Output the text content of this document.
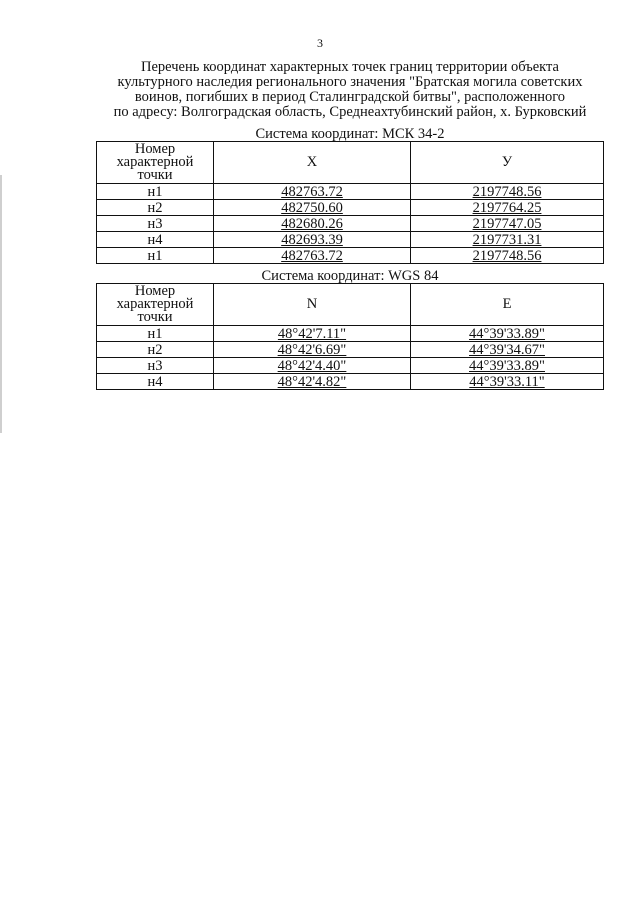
3
Перечень координат характерных точек границ территории объекта
культурного наследия регионального значения "Братская могила советских
воинов, погибших в период Сталинградской битвы", расположенного
по адресу: Волгоградская область, Среднеахтубинский район, х. Бурковский
Система координат: МСК 34-2
Номер
характерной
точки	X	У
н1	482763.72	2197748.56
н2	482750.60	2197764.25
н3	482680.26	2197747.05
н4	482693.39	2197731.31
н1	482763.72	2197748.56
Система координат: WGS 84
Номер
характерной
точки	N	E
н1	48°42'7.11"	44°39'33.89"
н2	48°42'6.69"	44°39'34.67"
н3	48°42'4.40"	44°39'33.89"
н4	48°42'4.82"	44°39'33.11"
